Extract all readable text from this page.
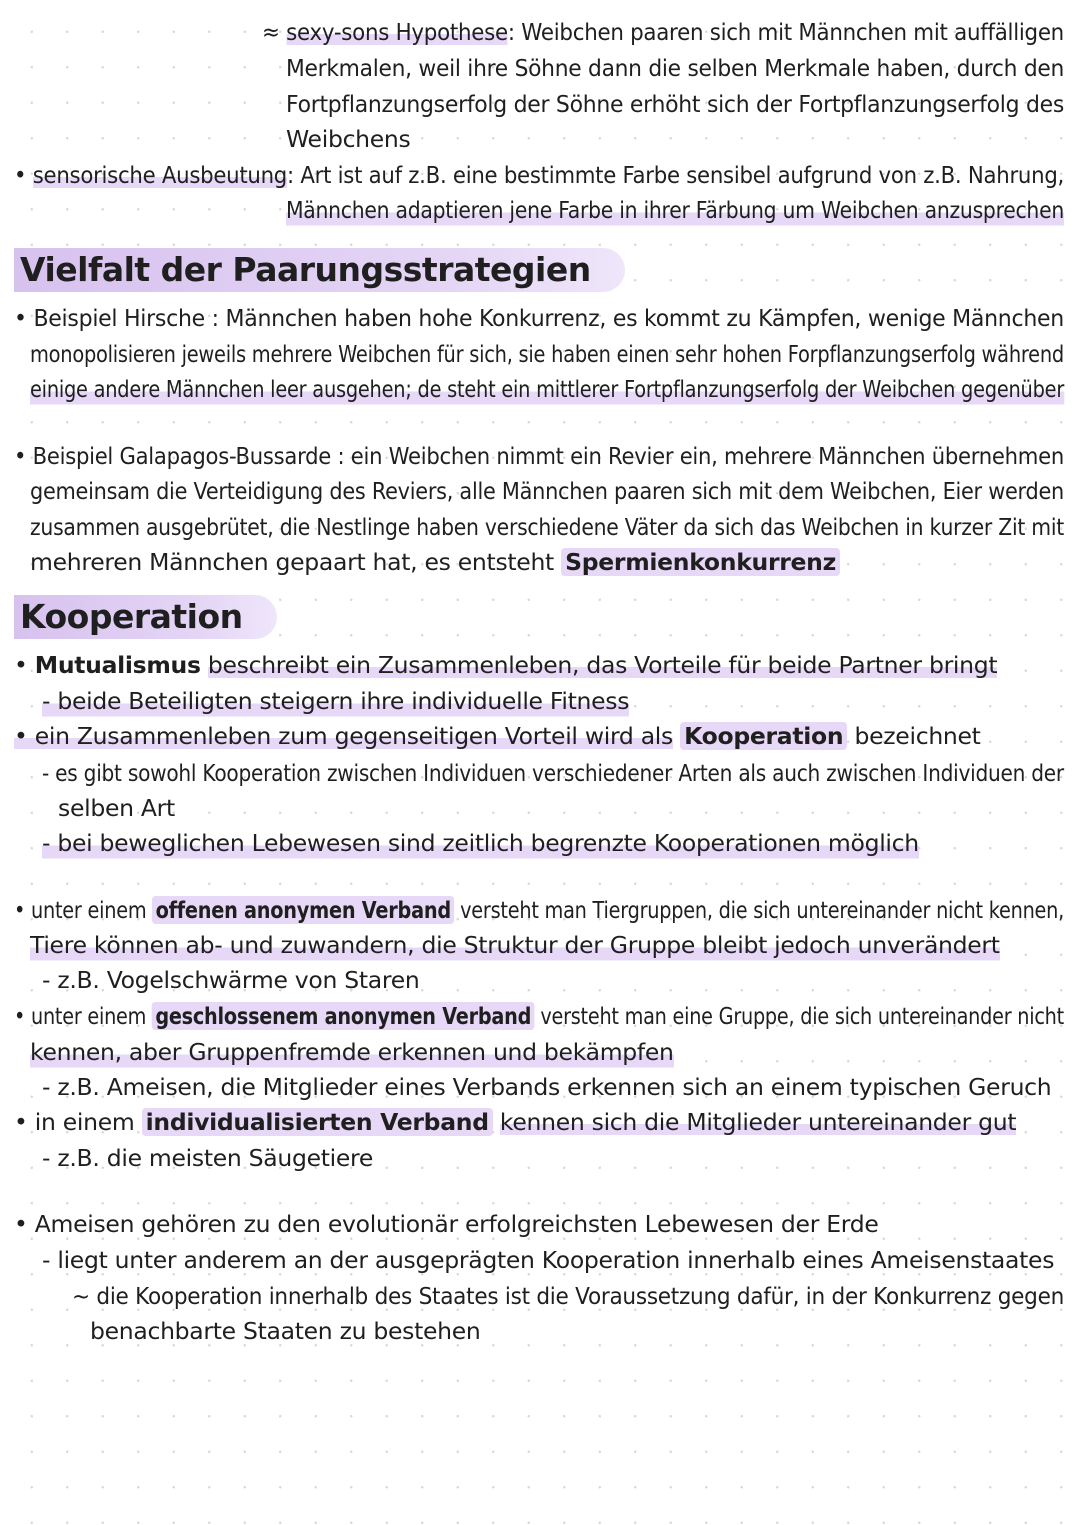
≈ sexy-sons Hypothese: Weibchen paaren sich mit Männchen mit auffälligen
Merkmalen, weil ihre Söhne dann die selben Merkmale haben, durch den
Fortpflanzungserfolg der Söhne erhöht sich der Fortpflanzungserfolg des
Weibchens
• sensorische Ausbeutung: Art ist auf z.B. eine bestimmte Farbe sensibel aufgrund von z.B. Nahrung,
Männchen adaptieren jene Farbe in ihrer Färbung um Weibchen anzusprechen
Vielfalt der Paarungsstrategien
• Beispiel Hirsche : Männchen haben hohe Konkurrenz, es kommt zu Kämpfen, wenige Männchen
monopolisieren jeweils mehrere Weibchen für sich, sie haben einen sehr hohen Forpflanzungserfolg während
einige andere Männchen leer ausgehen; de steht ein mittlerer Fortpflanzungserfolg der Weibchen gegenüber
• Beispiel Galapagos-Bussarde : ein Weibchen nimmt ein Revier ein, mehrere Männchen übernehmen
gemeinsam die Verteidigung des Reviers, alle Männchen paaren sich mit dem Weibchen, Eier werden
zusammen ausgebrütet, die Nestlinge haben verschiedene Väter da sich das Weibchen in kurzer Zit mit
mehreren Männchen gepaart hat, es entsteht Spermienkonkurrenz
Kooperation
• Mutualismus beschreibt ein Zusammenleben, das Vorteile für beide Partner bringt
- beide Beteiligten steigern ihre individuelle Fitness
• ein Zusammenleben zum gegenseitigen Vorteil wird als Kooperation bezeichnet
- es gibt sowohl Kooperation zwischen Individuen verschiedener Arten als auch zwischen Individuen der
selben Art
- bei beweglichen Lebewesen sind zeitlich begrenzte Kooperationen möglich
• unter einem offenen anonymen Verband versteht man Tiergruppen, die sich untereinander nicht kennen,
Tiere können ab- und zuwandern, die Struktur der Gruppe bleibt jedoch unverändert
- z.B. Vogelschwärme von Staren
• unter einem geschlossenem anonymen Verband versteht man eine Gruppe, die sich untereinander nicht
kennen, aber Gruppenfremde erkennen und bekämpfen
- z.B. Ameisen, die Mitglieder eines Verbands erkennen sich an einem typischen Geruch
• in einem individualisierten Verband kennen sich die Mitglieder untereinander gut
- z.B. die meisten Säugetiere
• Ameisen gehören zu den evolutionär erfolgreichsten Lebewesen der Erde
- liegt unter anderem an der ausgeprägten Kooperation innerhalb eines Ameisenstaates
~ die Kooperation innerhalb des Staates ist die Voraussetzung dafür, in der Konkurrenz gegen
benachbarte Staaten zu bestehen
